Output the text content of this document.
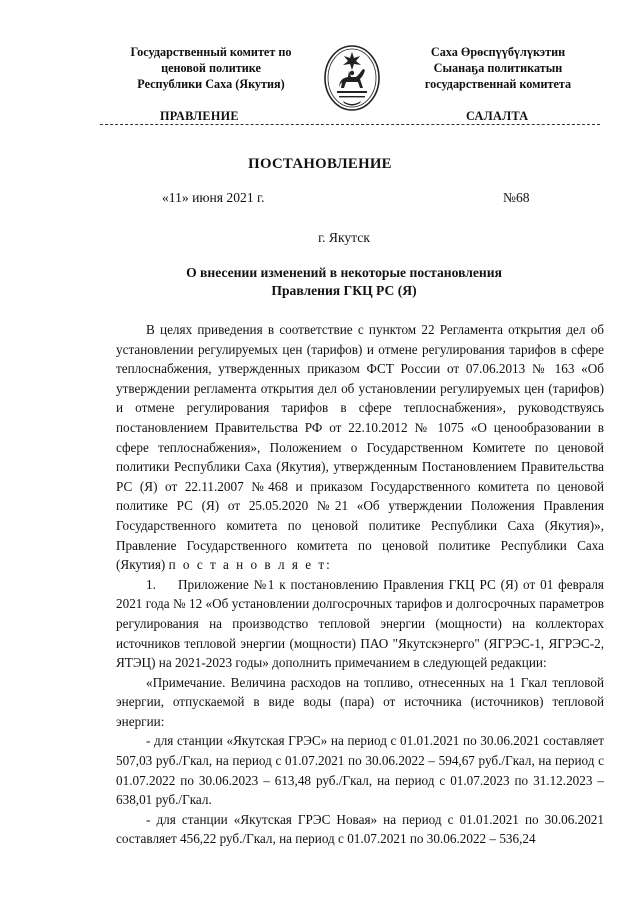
Государственный комитет по
ценовой политике
Республики Саха (Якутия)
Саха Өрөспүүбүлүкэтин
Сыанаҕа политикатын
государственнай комитета
ПРАВЛЕНИЕ	САЛАЛТА
ПОСТАНОВЛЕНИЕ
«11» июня 2021 г.	№68
г. Якутск
О внесении изменений в некоторые постановления
Правления ГКЦ РС (Я)

В целях приведения в соответствие с пунктом 22 Регламента открытия дел об установлении регулируемых цен (тарифов) и отмене регулирования тарифов в сфере теплоснабжения, утвержденных приказом ФСТ России от 07.06.2013 № 163 «Об утверждении регламента открытия дел об установлении регулируемых цен (тарифов) и отмене регулирования тарифов в сфере теплоснабжения», руководствуясь постановлением Правительства РФ от 22.10.2012 № 1075 «О ценообразовании в сфере теплоснабжения», Положением о Государственном Комитете по ценовой политики Республики Саха (Якутия), утвержденным Постановлением Правительства РС (Я) от 22.11.2007 №468 и приказом Государственного комитета по ценовой политике РС (Я) от 25.05.2020 №21 «Об утверждении Положения Правления Государственного комитета по ценовой политике Республики Саха (Якутия)», Правление Государственного комитета по ценовой политике Республики Саха (Якутия) п о с т а н о в л я е т:

1. Приложение №1 к постановлению Правления ГКЦ РС (Я) от 01 февраля 2021 года № 12 «Об установлении долгосрочных тарифов и долгосрочных параметров регулирования на производство тепловой энергии (мощности) на коллекторах источников тепловой энергии (мощности) ПАО "Якутскэнерго" (ЯГРЭС-1, ЯГРЭС-2, ЯТЭЦ) на 2021-2023 годы» дополнить примечанием в следующей редакции:

«Примечание. Величина расходов на топливо, отнесенных на 1 Гкал тепловой энергии, отпускаемой в виде воды (пара) от источника (источников) тепловой энергии:

- для станции «Якутская ГРЭС» на период с 01.01.2021 по 30.06.2021 составляет 507,03 руб./Гкал, на период с 01.07.2021 по 30.06.2022 – 594,67 руб./Гкал, на период с 01.07.2022 по 30.06.2023 – 613,48 руб./Гкал, на период с 01.07.2023 по 31.12.2023 – 638,01 руб./Гкал.

- для станции «Якутская ГРЭС Новая» на период с 01.01.2021 по 30.06.2021 составляет 456,22 руб./Гкал, на период с 01.07.2021 по 30.06.2022 – 536,24
